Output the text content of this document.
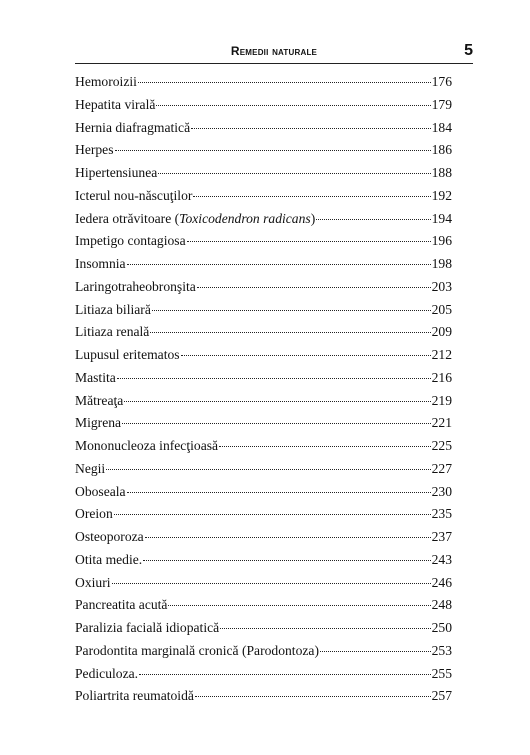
Remedii naturale	5
Hemoroizii	176
Hepatita virală	179
Hernia diafragmatică	184
Herpes	186
Hipertensiunea	188
Icterul nou-născuţilor	192
Iedera otrăvitoare (Toxicodendron radicans)	194
Impetigo contagiosa	196
Insomnia	198
Laringotraheobronşita	203
Litiaza biliară	205
Litiaza renală	209
Lupusul eritematos	212
Mastita	216
Mătreaţa	219
Migrena	221
Mononucleoza infecţioasă	225
Negii	227
Oboseala	230
Oreion	235
Osteoporoza	237
Otita medie.	243
Oxiuri	246
Pancreatita acută	248
Paralizia facială idiopatică	250
Parodontita marginală cronică (Parodontoza)	253
Pediculoza.	255
Poliartrita reumatoidă	257
